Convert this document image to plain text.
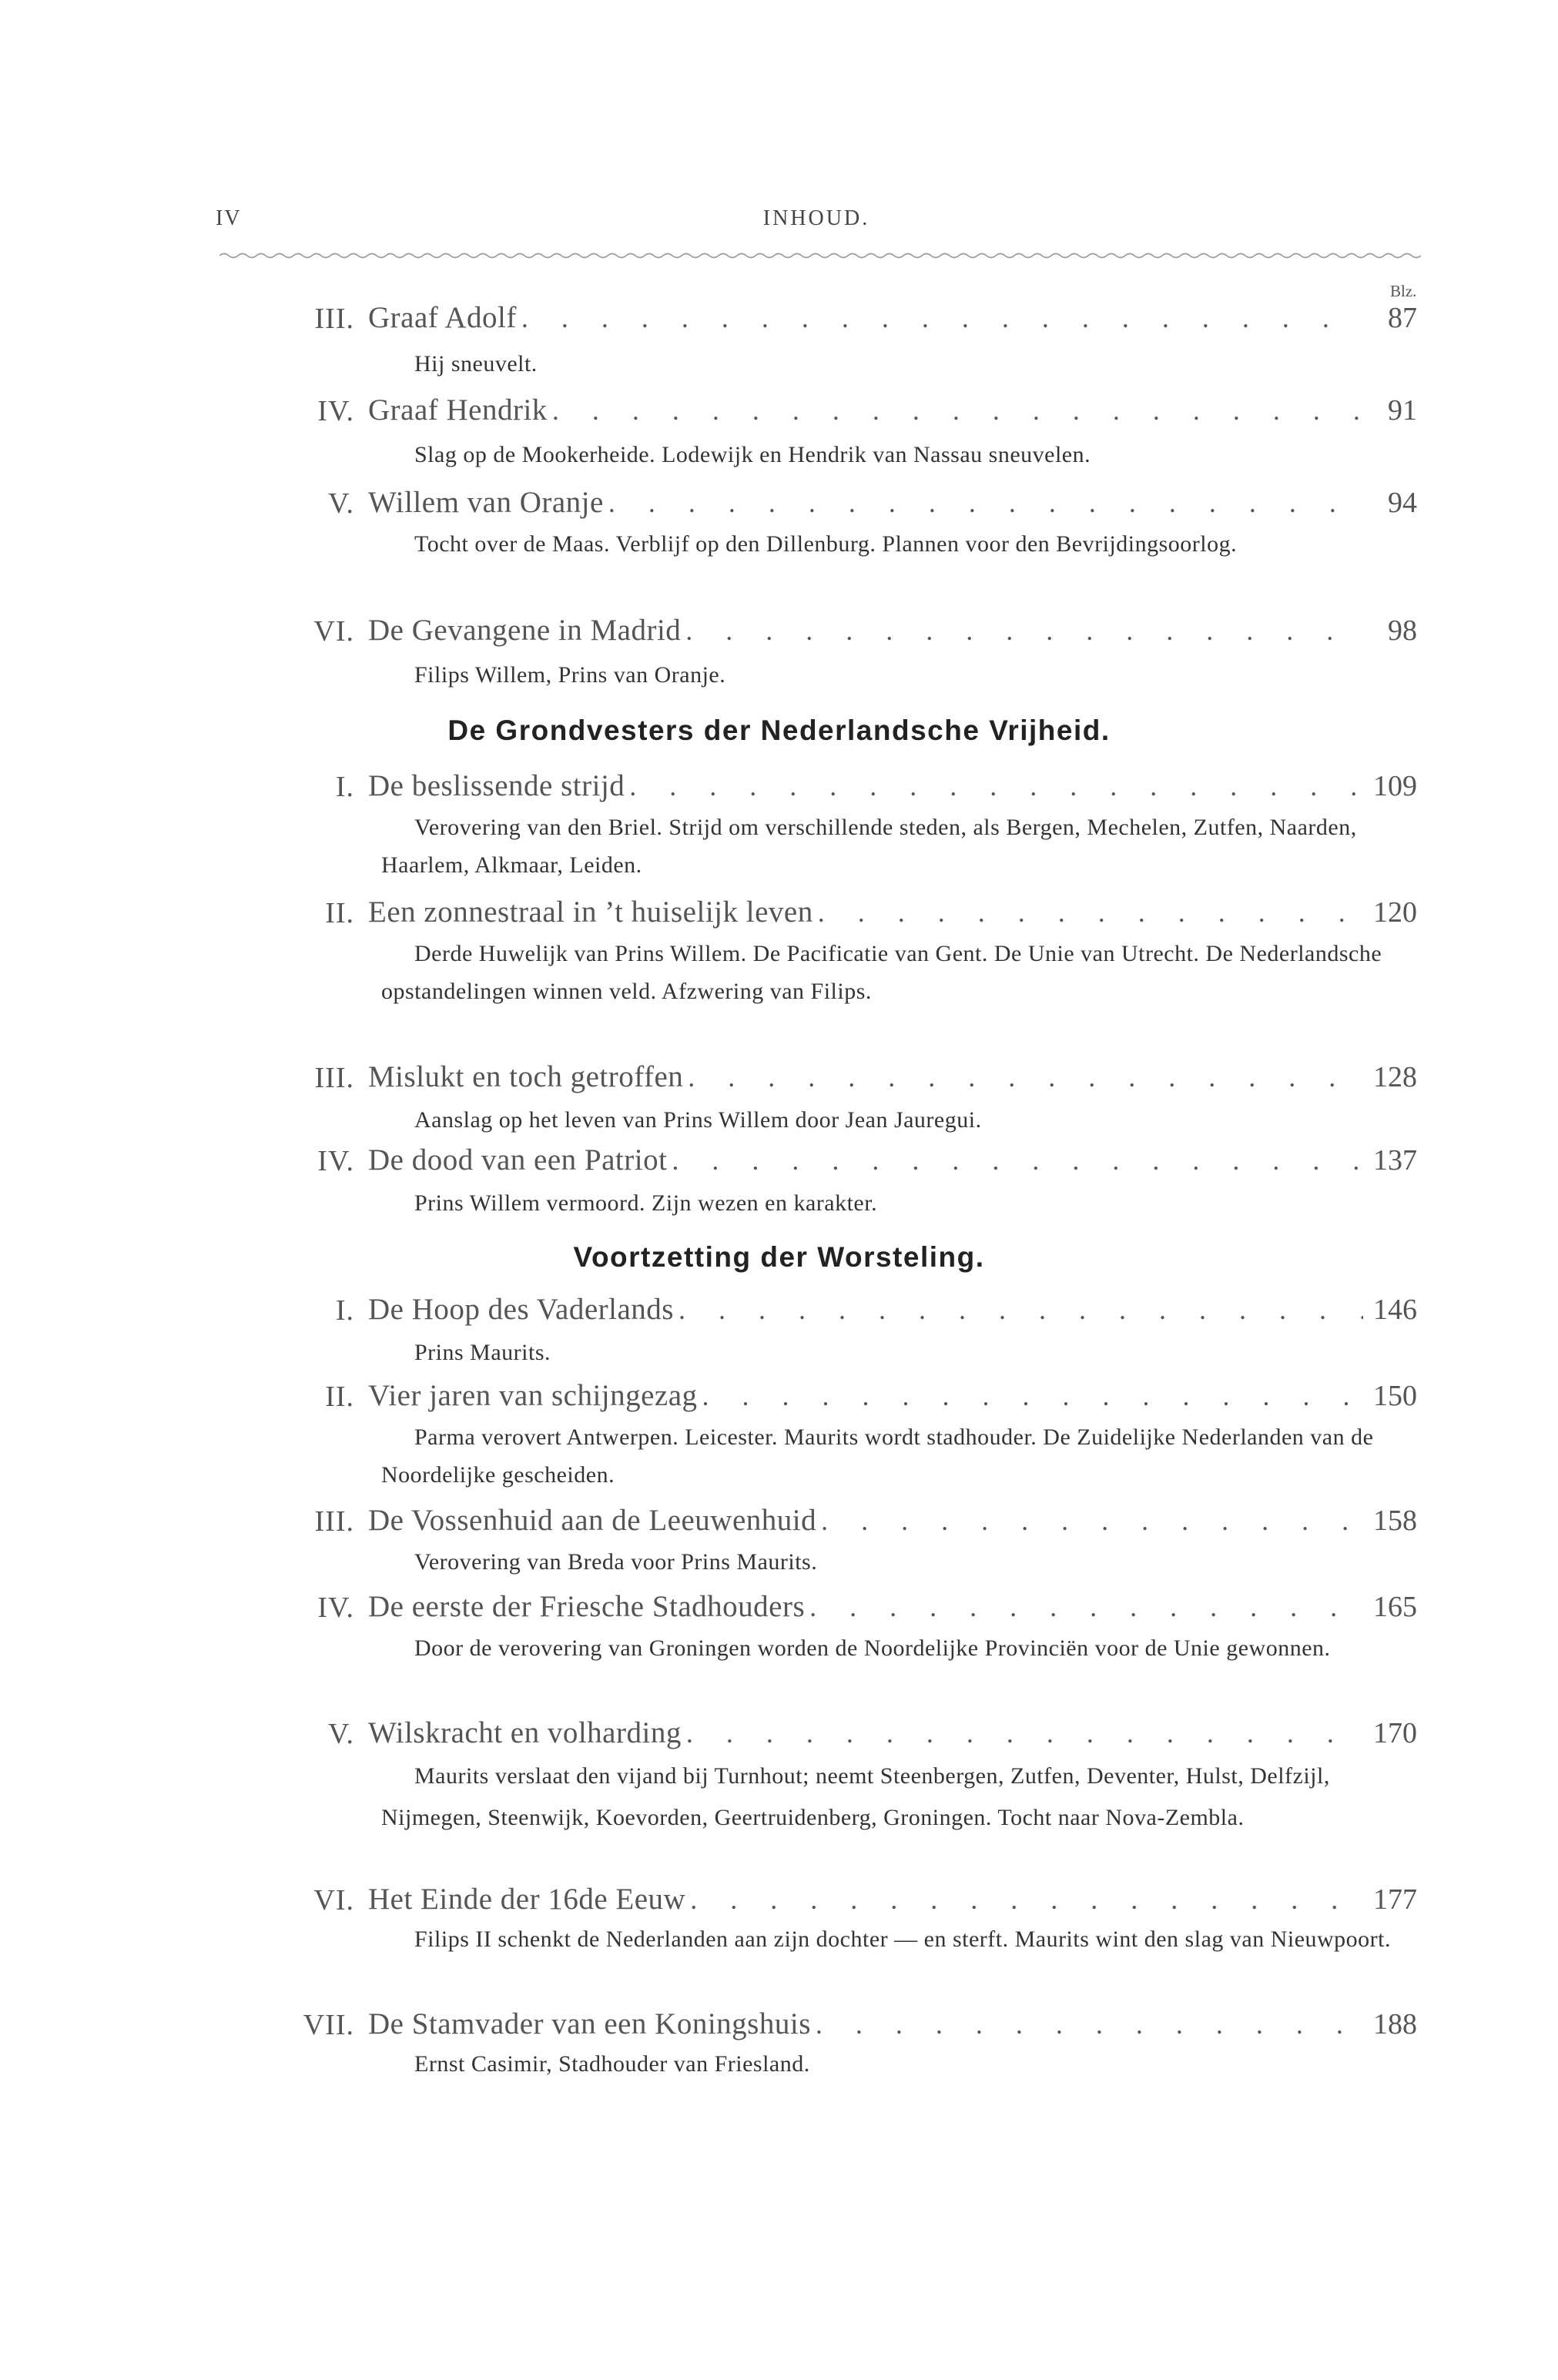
IV	INHOUD.
Blz.
III. Graaf Adolf . . .	87
Hij sneuvelt.
IV. Graaf Hendrik . . .	91
Slag op de Mookerheide. Lodewijk en Hendrik van Nassau sneuvelen.
V. Willem van Oranje . . .	94
Tocht over de Maas. Verblijf op den Dillenburg. Plannen voor den Bevrijdingsoorlog.
VI. De Gevangene in Madrid . . .	98
Filips Willem, Prins van Oranje.
De Grondvesters der Nederlandsche Vrijheid.
I. De beslissende strijd . . .	109
Verovering van den Briel. Strijd om verschillende steden, als Bergen, Mechelen, Zutfen, Naarden, Haarlem, Alkmaar, Leiden.
II. Een zonnestraal in ’t huiselijk leven . . .	120
Derde Huwelijk van Prins Willem. De Pacificatie van Gent. De Unie van Utrecht. De Nederlandsche opstandelingen winnen veld. Afzwering van Filips.
III. Mislukt en toch getroffen . . .	128
Aanslag op het leven van Prins Willem door Jean Jauregui.
IV. De dood van een Patriot . . .	137
Prins Willem vermoord. Zijn wezen en karakter.
Voortzetting der Worsteling.
I. De Hoop des Vaderlands . . .	146
Prins Maurits.
II. Vier jaren van schijngezag . . .	150
Parma verovert Antwerpen. Leicester. Maurits wordt stadhouder. De Zuidelijke Nederlanden van de Noordelijke gescheiden.
III. De Vossenhuid aan de Leeuwenhuid . . .	158
Verovering van Breda voor Prins Maurits.
IV. De eerste der Friesche Stadhouders . . .	165
Door de verovering van Groningen worden de Noordelijke Provinciën voor de Unie gewonnen.
V. Wilskracht en volharding . . .	170
Maurits verslaat den vijand bij Turnhout; neemt Steenbergen, Zutfen, Deventer, Hulst, Delfzijl, Nijmegen, Steenwijk, Koevorden, Geertruidenberg, Groningen. Tocht naar Nova-Zembla.
VI. Het Einde der 16de Eeuw . . .	177
Filips II schenkt de Nederlanden aan zijn dochter — en sterft. Maurits wint den slag van Nieuwpoort.
VII. De Stamvader van een Koningshuis . . .	188
Ernst Casimir, Stadhouder van Friesland.
